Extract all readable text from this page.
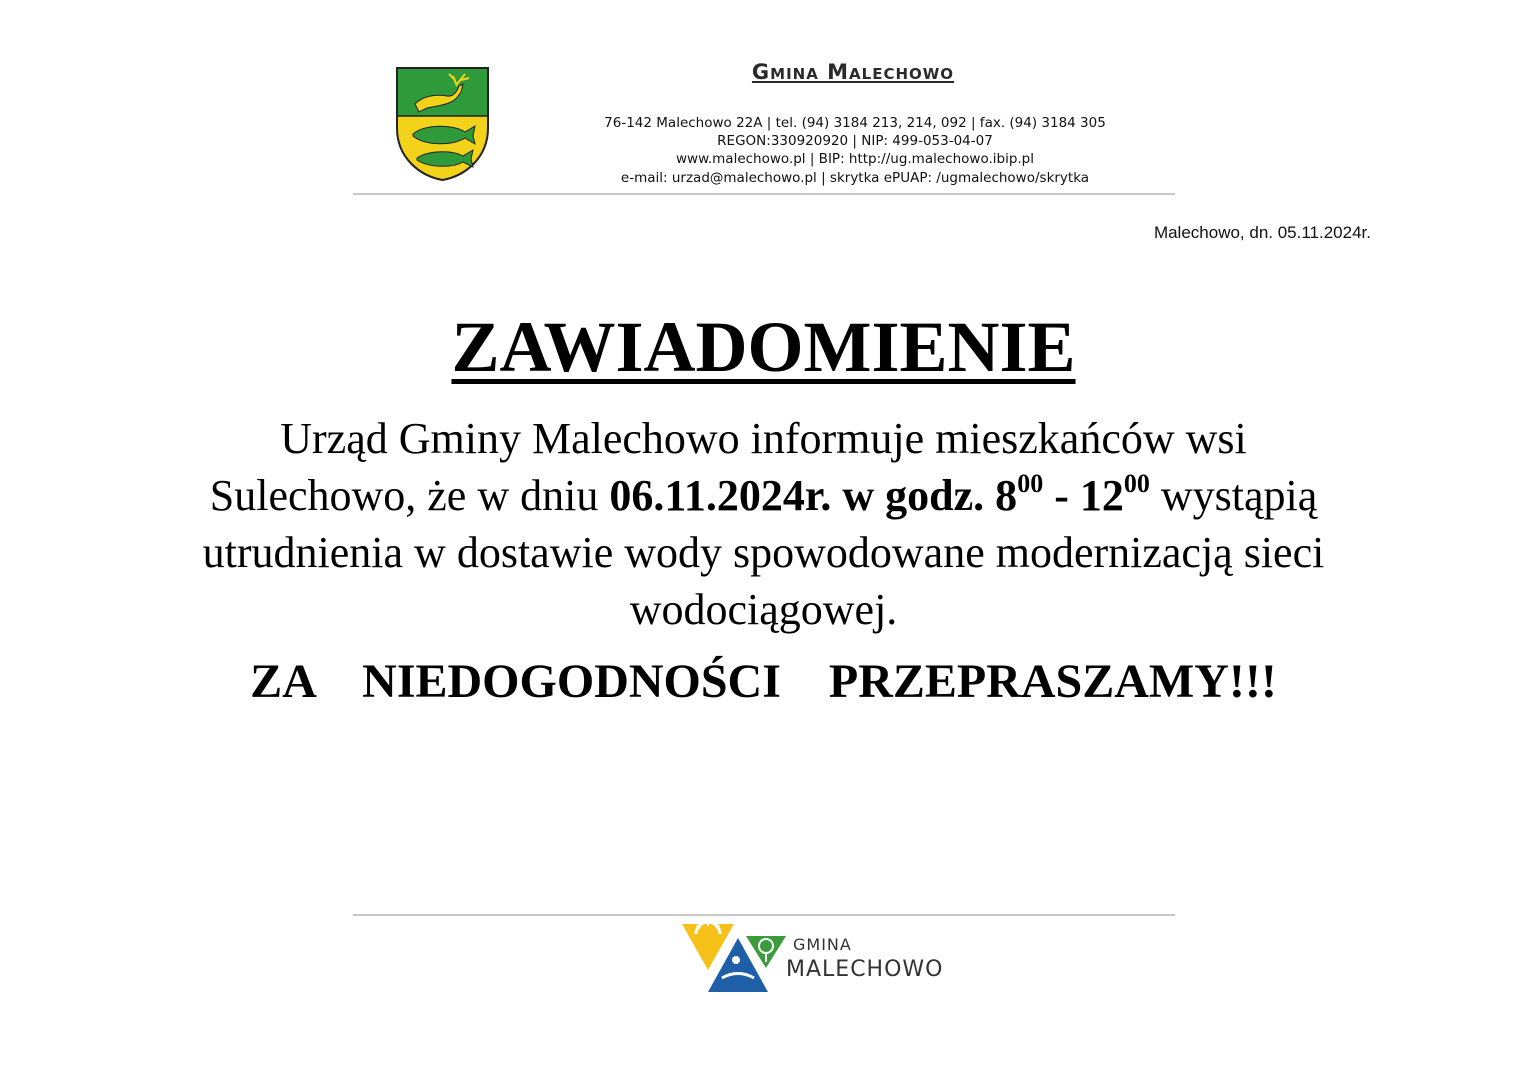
Gmina Malechowo
76-142 Malechowo 22A | tel. (94) 3184 213, 214, 092 | fax. (94) 3184 305
REGON:330920920 | NIP: 499-053-04-07
www.malechowo.pl | BIP: http://ug.malechowo.ibip.pl
e-mail: urzad@malechowo.pl | skrytka ePUAP: /ugmalechowo/skrytka
Malechowo, dn. 05.11.2024r.
ZAWIADOMIENIE
Urząd Gminy Malechowo informuje mieszkańców wsi
Sulechowo, że w dniu 06.11.2024r. w godz. $8^{00} - 12^{00}$ wystąpią
utrudnienia w dostawie wody spowodowane modernizacją sieci
wodociągowej.
ZA  NIEDOGODNOŚCI  PRZEPRASZAMY!!!
GMINA
MALECHOWO
